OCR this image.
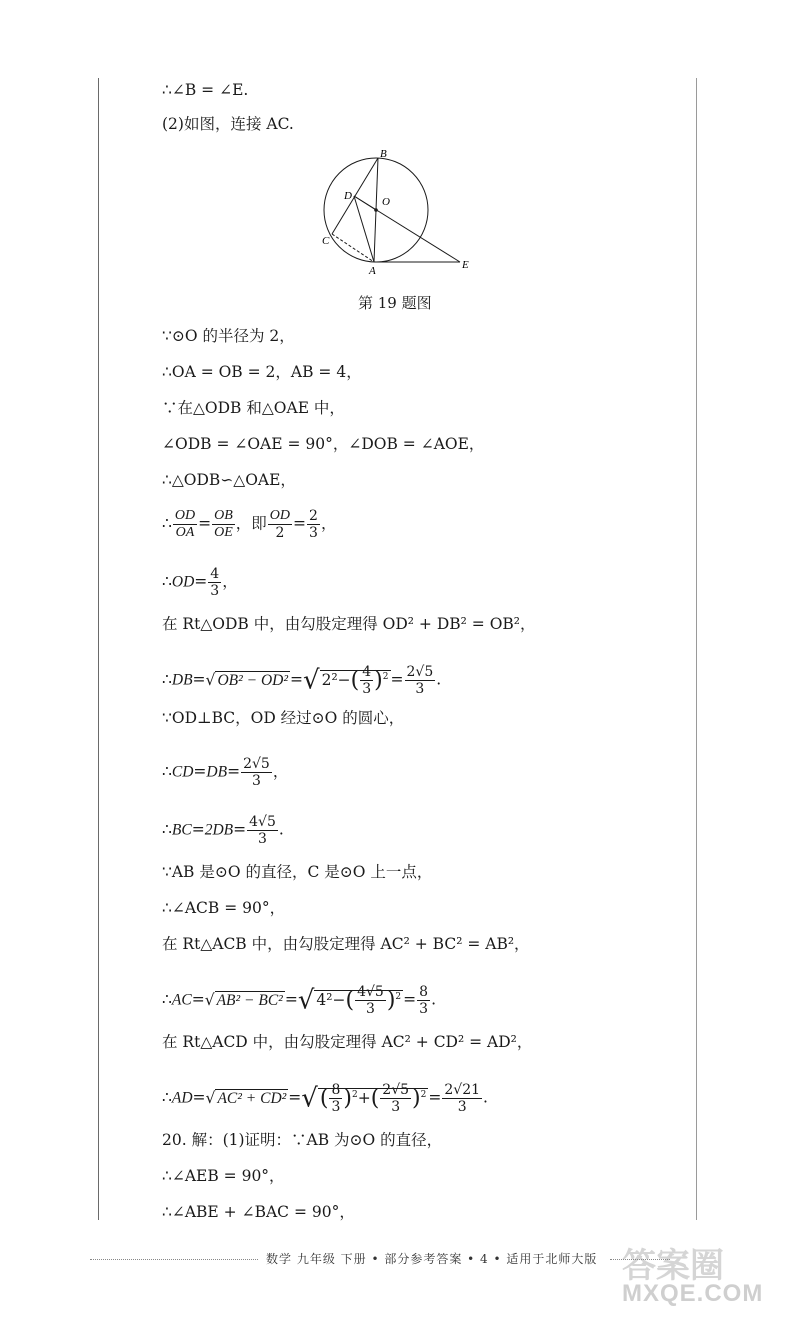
∴∠B = ∠E.
(2)如图，连接 AC.
B
D	O
C
A	E
第 19 题图
∵⊙O 的半径为 2，
∴OA = OB = 2，AB = 4，
∵在△ODB 和△OAE 中，
∠ODB = ∠OAE = 90°，∠DOB = ∠AOE，
∴△ODB∽△OAE，
∴ $\frac{OD}{OA} = \frac{OB}{OE}$ ，即 $\frac{OD}{2} = \frac{2}{3}$ ，
∴OD= $\frac{4}{3}$ ，
在 Rt△ODB 中，由勾股定理得 OD² + DB² = OB²，
∴DB=√ OB² − OD² =√ $2^2-( \frac{4}{3} )^2 = \frac{2√5}{3}$ .
∵OD⊥BC，OD 经过⊙O 的圆心，
∴CD=DB= $\frac{2√5}{3}$ ，
∴BC=2DB= $\frac{4√5}{3}$ .
∵AB 是⊙O 的直径，C 是⊙O 上一点，
∴∠ACB = 90°，
在 Rt△ACB 中，由勾股定理得 AC² + BC² = AB²，
∴AC=√ AB² − BC² =√ $4^2-( \frac{4√5}{3} )^2 = \frac{8}{3}$ .
在 Rt△ACD 中，由勾股定理得 AC² + CD² = AD²，
∴AD=√ AC² + CD² =√( $\frac{8}{3} )^2+( \frac{2√5}{3} )^2 = \frac{2√21}{3}$ .
20. 解：(1)证明：∵AB 为⊙O 的直径，
∴∠AEB = 90°，
∴∠ABE + ∠BAC = 90°，
数学 九年级 下册 • 部分参考答案 • 4 • 适用于北师大版 答案圈
MXQE.COM
